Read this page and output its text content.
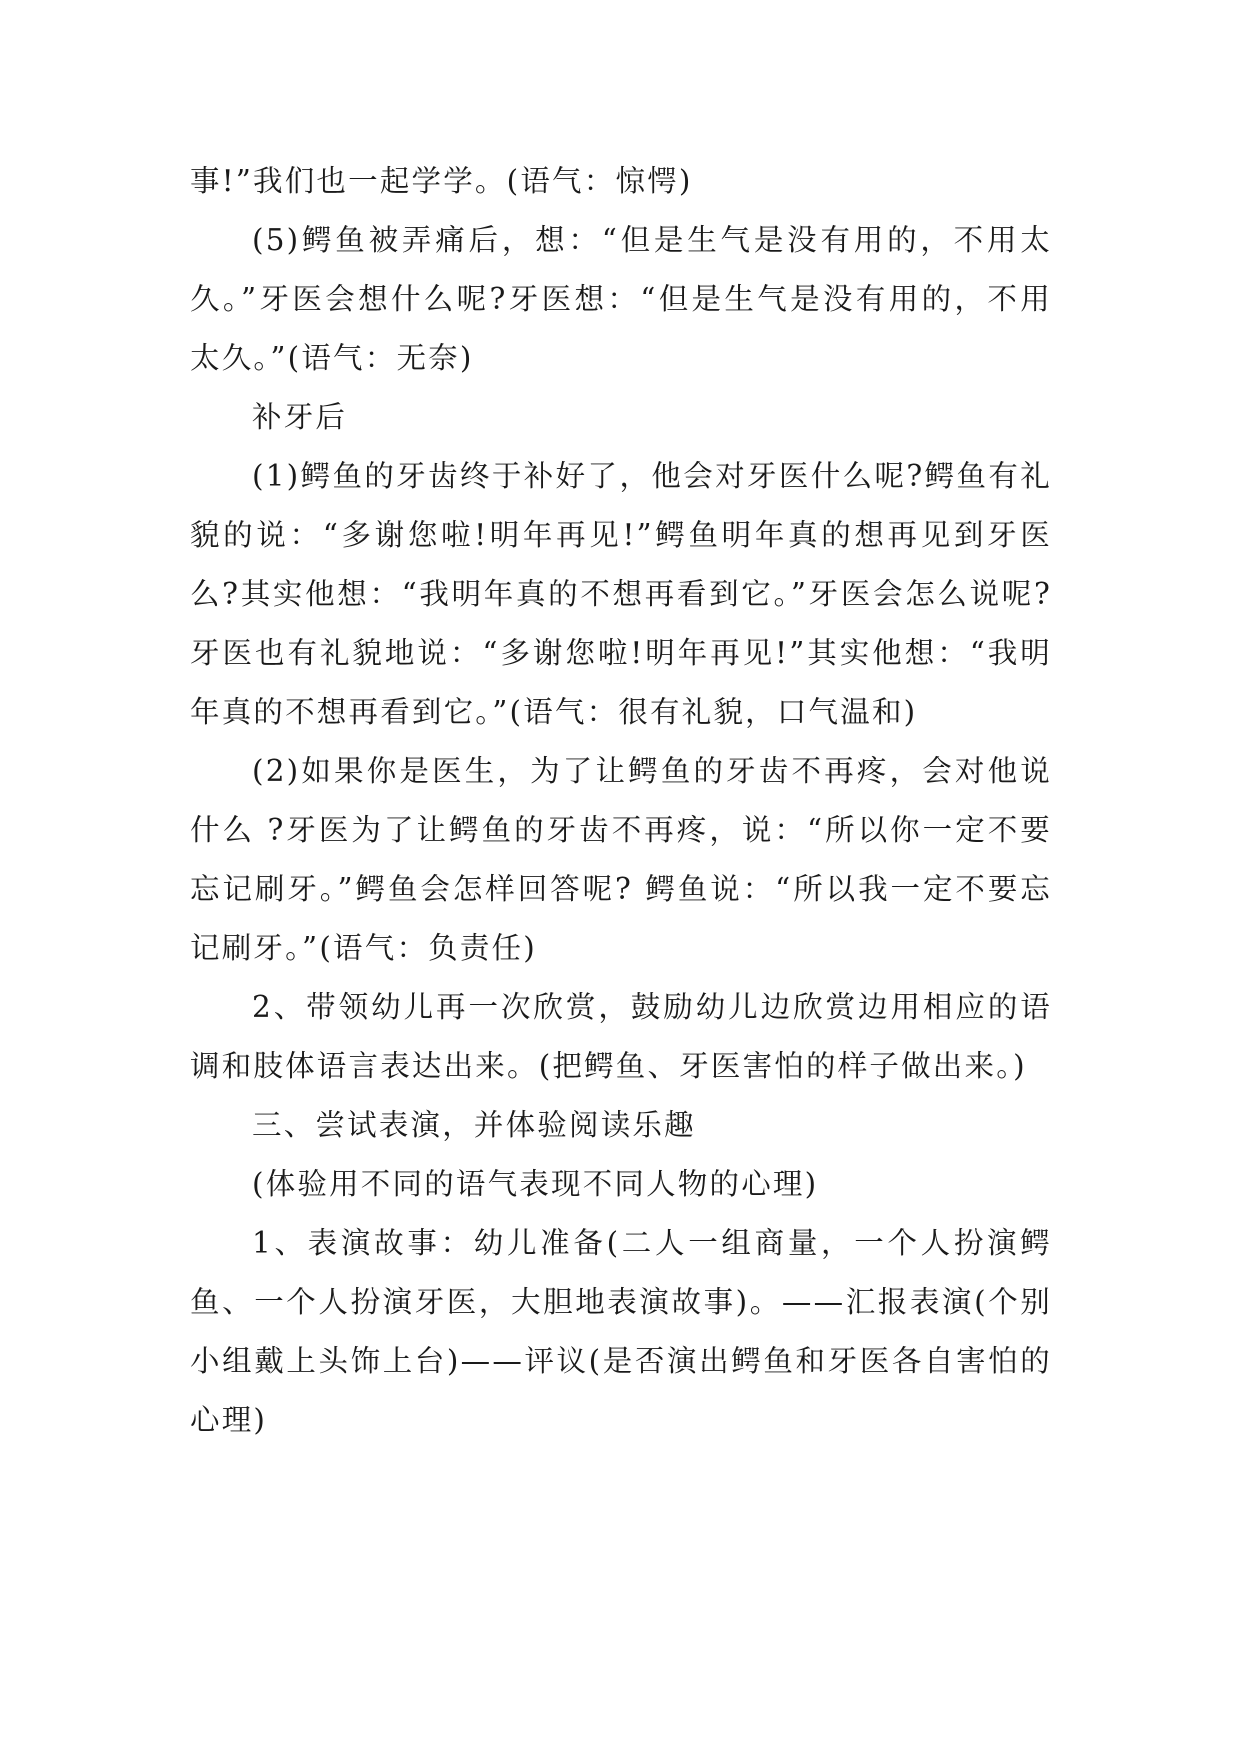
事!”我们也一起学学。(语气：惊愕)

(5)鳄鱼被弄痛后，想：“但是生气是没有用的，不用太久。”牙医会想什么呢?牙医想：“但是生气是没有用的，不用太久。”(语气：无奈)

补牙后

(1)鳄鱼的牙齿终于补好了，他会对牙医什么呢?鳄鱼有礼貌的说：“多谢您啦!明年再见!”鳄鱼明年真的想再见到牙医么?其实他想：“我明年真的不想再看到它。”牙医会怎么说呢?牙医也有礼貌地说：“多谢您啦!明年再见!”其实他想：“我明年真的不想再看到它。”(语气：很有礼貌，口气温和)

(2)如果你是医生，为了让鳄鱼的牙齿不再疼，会对他说什么 ?牙医为了让鳄鱼的牙齿不再疼，说：“所以你一定不要忘记刷牙。”鳄鱼会怎样回答呢? 鳄鱼说：“所以我一定不要忘记刷牙。”(语气：负责任)

2、带领幼儿再一次欣赏，鼓励幼儿边欣赏边用相应的语调和肢体语言表达出来。(把鳄鱼、牙医害怕的样子做出来。)

三、尝试表演，并体验阅读乐趣

(体验用不同的语气表现不同人物的心理)

1、表演故事：幼儿准备(二人一组商量，一个人扮演鳄鱼、一个人扮演牙医，大胆地表演故事)。——汇报表演(个别小组戴上头饰上台)——评议(是否演出鳄鱼和牙医各自害怕的心理)
